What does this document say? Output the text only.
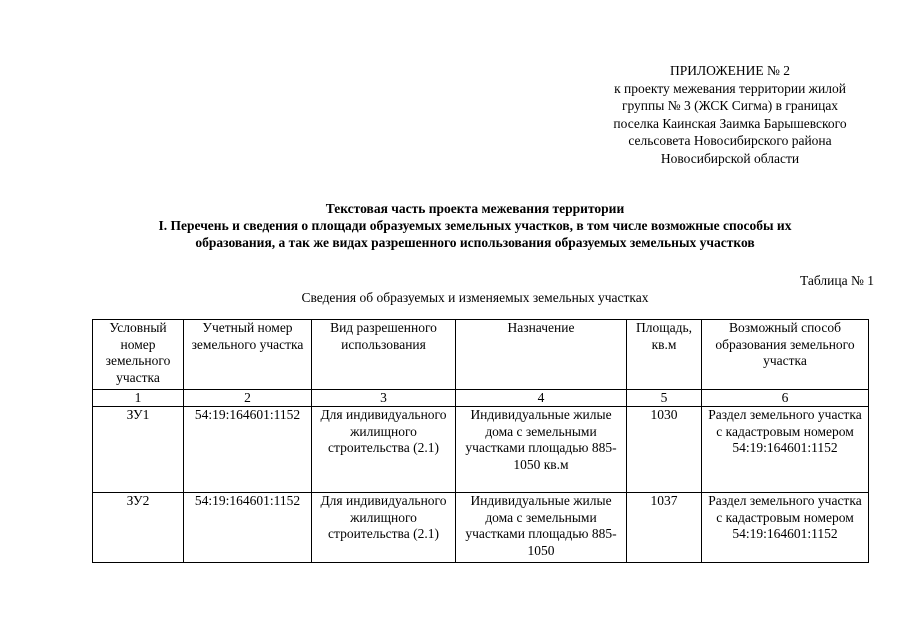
ПРИЛОЖЕНИЕ № 2
к проекту межевания территории жилой
группы № 3 (ЖСК Сигма) в границах
поселка Каинская Заимка Барышевского
сельсовета Новосибирского района
Новосибирской области
Текстовая часть проекта межевания территории
I. Перечень и сведения о площади образуемых земельных участков, в том числе возможные способы их
образования, а так же видах разрешенного использования образуемых земельных участков
Таблица № 1
Сведения об образуемых и изменяемых земельных участках
Условный номер земельного участка	Учетный номер земельного участка	Вид разрешенного использования	Назначение	Площадь, кв.м	Возможный способ образования земельного участка
1	2	3	4	5	6
ЗУ1	54:19:164601:1152	Для индивидуального жилищного строительства (2.1)	Индивидуальные жилые дома с земельными участками площадью 885-1050 кв.м	1030	Раздел земельного участка с кадастровым номером 54:19:164601:1152
ЗУ2	54:19:164601:1152	Для индивидуального жилищного строительства (2.1)	Индивидуальные жилые дома с земельными участками площадью 885-1050	1037	Раздел земельного участка с кадастровым номером 54:19:164601:1152
